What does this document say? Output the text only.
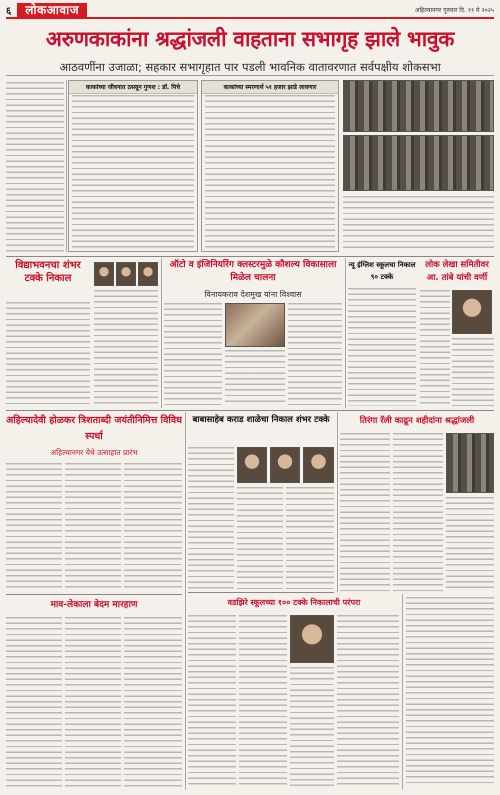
६	लोकआवाज	अहिल्यानगर गुरुवार दि. ११ मे २०२५
अरुणकाकांना श्रद्धांजली वाहताना सभागृह झाले भावुक
आठवणींना उजाळा; सहकार सभागृहात पार पडली भावनिक वातावरणात सर्वपक्षीय शोकसभा
काकांच्या जीवनात ठसवून गुणश : डॉ. पिचे	काकांच्या स्मरणार्थ ५१ हजार झाडे लावणार
विद्याभवनचा शंभर टक्के निकाल
ऑटो व इंजिनियरिंग क्लस्टरमुळे कौशल्य विकासाला मिळेल चालना
विनायकराव देशमुख यांना विश्वास
लोक लेखा समितीवर आ. तांबे यांची वर्णी
न्यू इंग्लिश स्कूलचा निकाल ९० टक्के
अहिल्यादेवी होळकर त्रिशताब्दी जयंतीनिमित्त विविध स्पर्धा
अहिल्यानगर येथे उत्साहात प्रारंभ
माव-लेकाला बेदम मारहाण
बाबासाहेब कराड शाळेचा निकाल शंभर टक्के
वडझिरे स्कूलच्या १०० टक्के निकालाची परंपरा
तिरंगा रॅली काढून शहीदांना श्रद्धांजली
